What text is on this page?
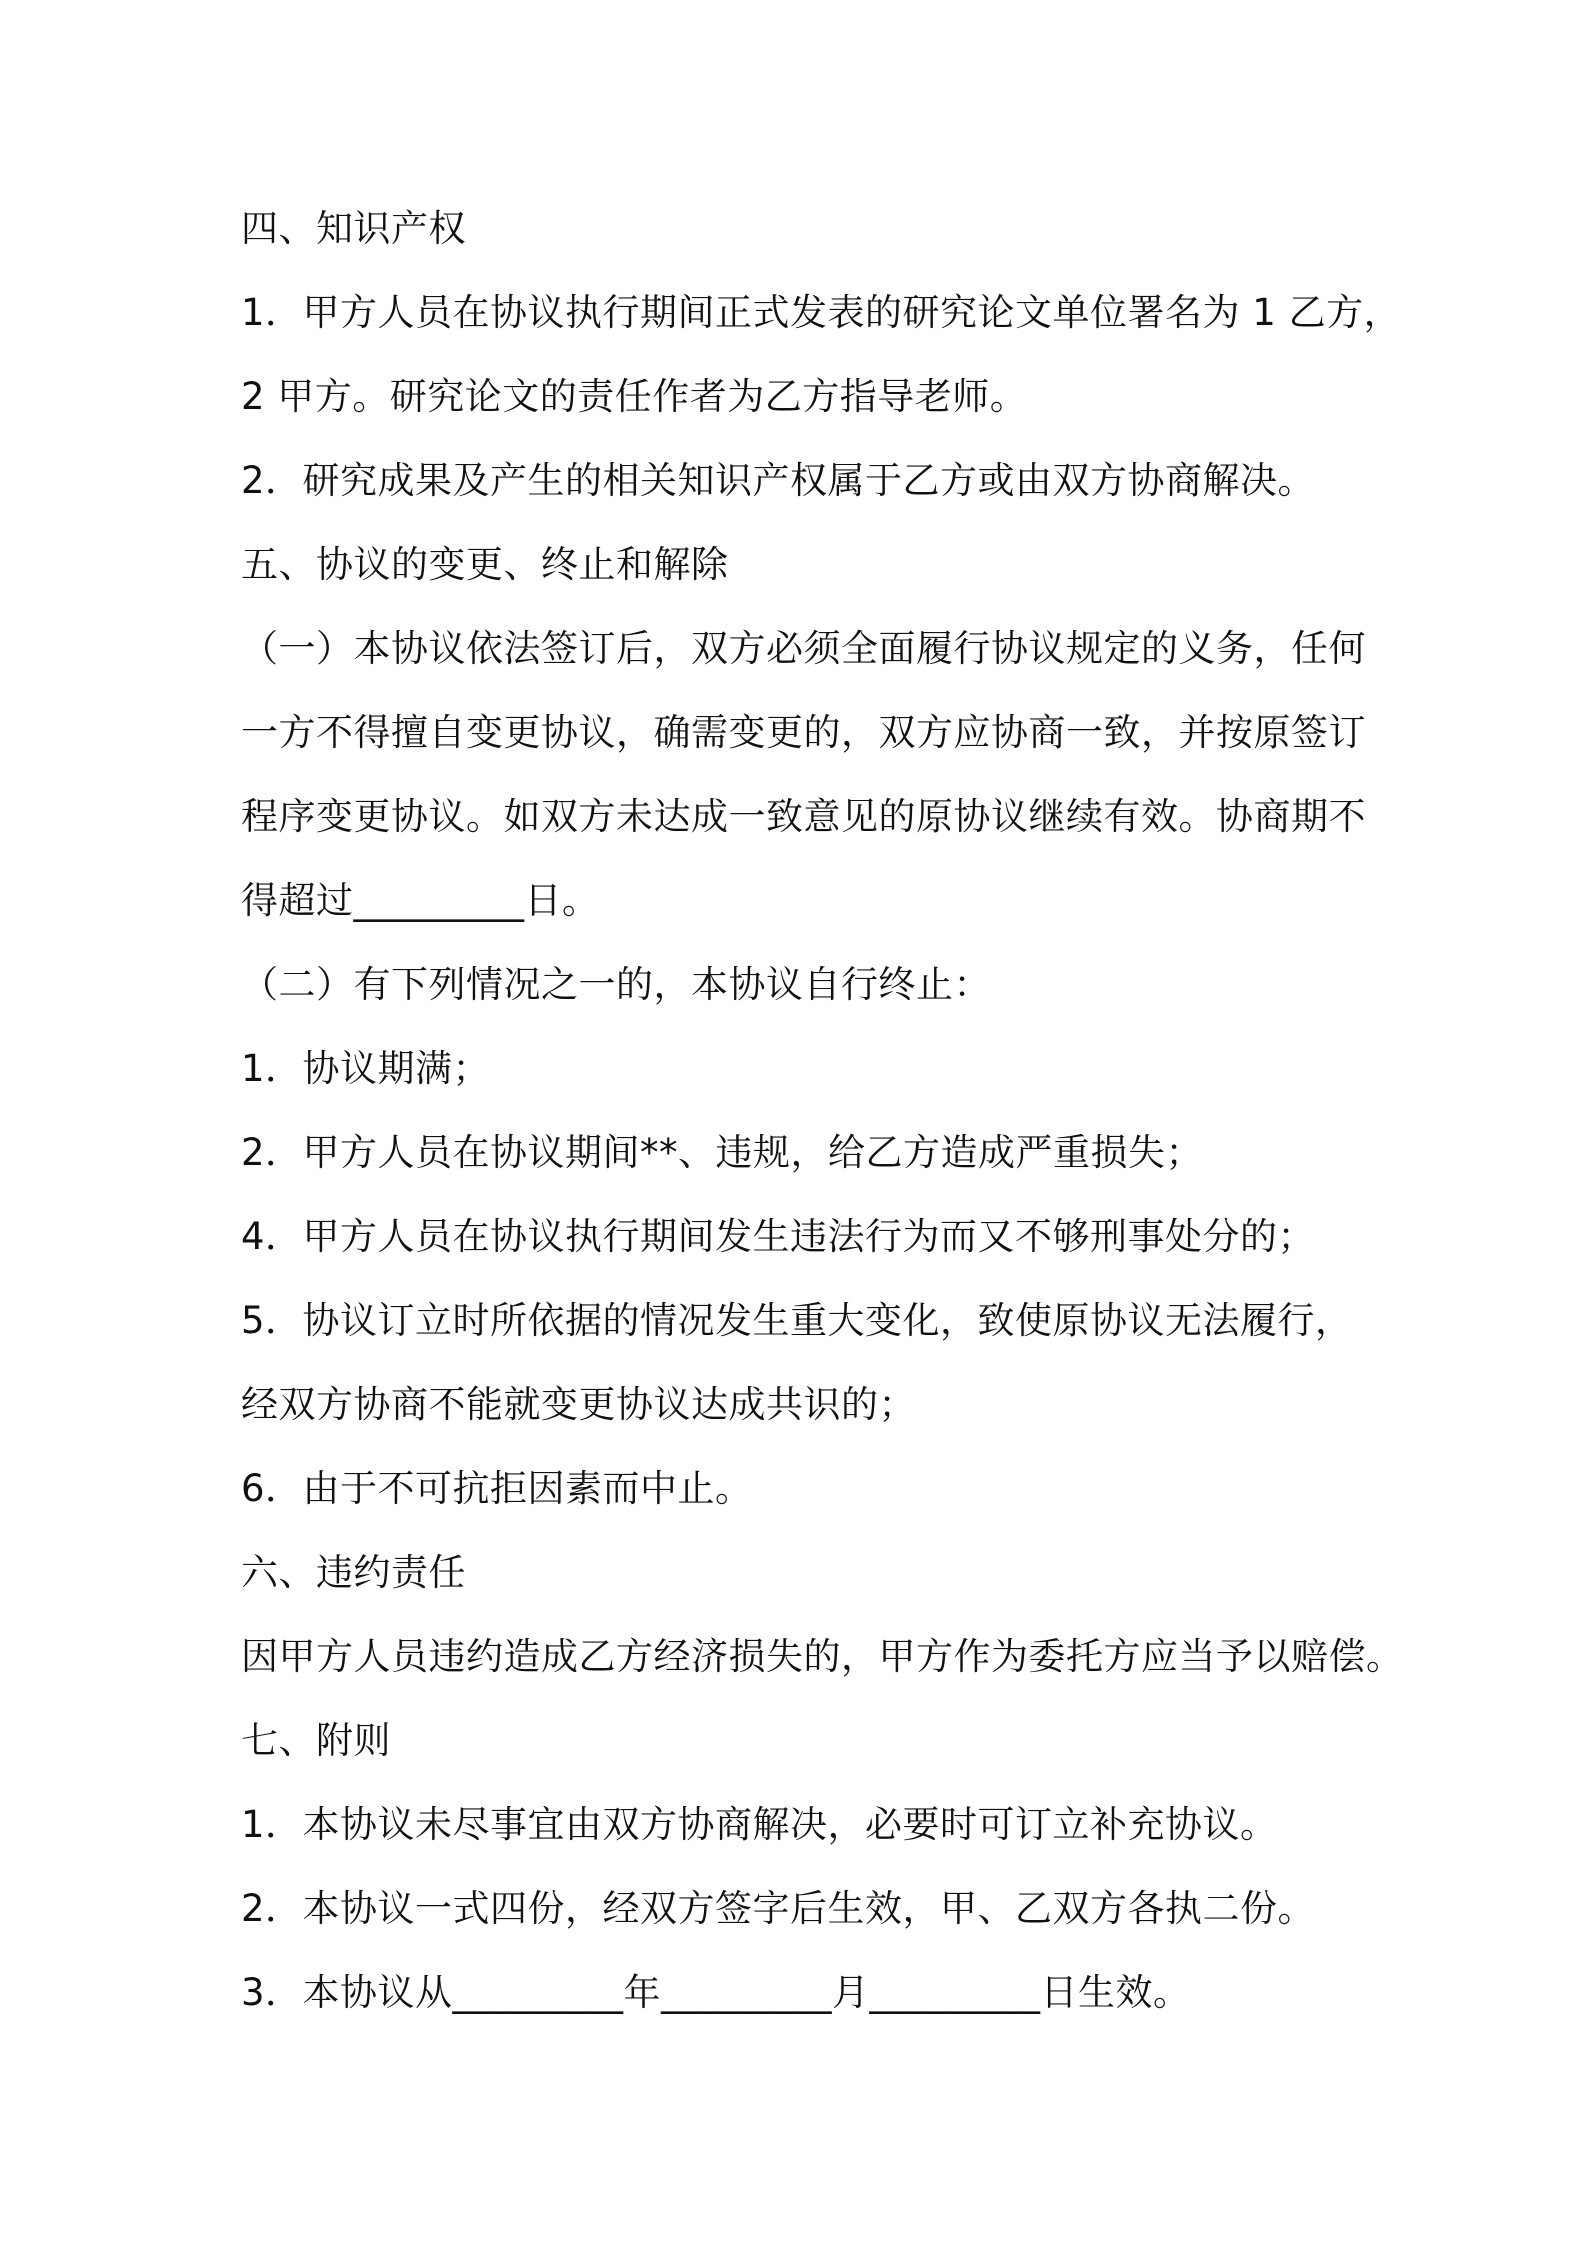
四、知识产权
1．甲方人员在协议执行期间正式发表的研究论文单位署名为 1 乙方，
2 甲方。研究论文的责任作者为乙方指导老师。
2．研究成果及产生的相关知识产权属于乙方或由双方协商解决。
五、协议的变更、终止和解除
（一）本协议依法签订后，双方必须全面履行协议规定的义务，任何
一方不得擅自变更协议，确需变更的，双方应协商一致，并按原签订
程序变更协议。如双方未达成一致意见的原协议继续有效。协商期不
得超过_________日。
（二）有下列情况之一的，本协议自行终止：
1．协议期满；
2．甲方人员在协议期间**、违规，给乙方造成严重损失；
4．甲方人员在协议执行期间发生违法行为而又不够刑事处分的；
5．协议订立时所依据的情况发生重大变化，致使原协议无法履行，
经双方协商不能就变更协议达成共识的；
6．由于不可抗拒因素而中止。
六、违约责任
因甲方人员违约造成乙方经济损失的，甲方作为委托方应当予以赔偿。
七、附则
1．本协议未尽事宜由双方协商解决，必要时可订立补充协议。
2．本协议一式四份，经双方签字后生效，甲、乙双方各执二份。
3．本协议从_________年_________月_________日生效。
